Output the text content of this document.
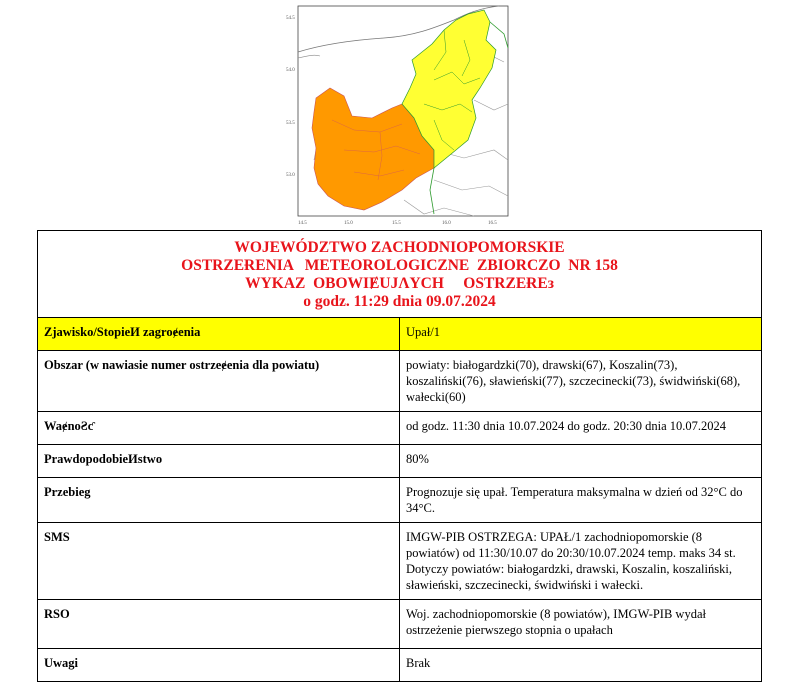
54.5
54.0
53.5
53.0
14.5	15.0	15.5	16.0	16.5
WOJEWÓDZTWO ZACHODNIOPOMORSKIE
OSTRZEɌENIA   METEOROLOGICZNE  ZBIORCZO  NR 158
WYKAZ  OBOWIɆUJɅYCH     OSTRZEɌEз
o godz. 11:29 dnia 09.07.2024	

Zjawisko/StopieИ zagroɇenia	Upał/1
Obszar (w nawiasie numer ostrzeɇenia dla powiatu)	powiaty: białogardzki(70), drawski(67), Koszalin(73), koszaliński(76), sławieński(77), szczecinecki(73), świdwiński(68), wałecki(60)
WaɇnoƧƈ	od godz. 11:30 dnia 10.07.2024 do godz. 20:30 dnia 10.07.2024
PrawdopodobieИstwo	80%
Przebieg	Prognozuje się upał. Temperatura maksymalna w dzień od 32°C do 34°C.
SMS	IMGW-PIB OSTRZEGA: UPAŁ/1 zachodniopomorskie (8 powiatów) od 11:30/10.07 do 20:30/10.07.2024 temp. maks 34 st. Dotyczy powiatów: białogardzki, drawski, Koszalin, koszaliński, sławieński, szczecinecki, świdwiński i wałecki.
RSO	Woj. zachodniopomorskie (8 powiatów), IMGW-PIB wydał ostrzeżenie pierwszego stopnia o upałach
Uwagi	Brak
